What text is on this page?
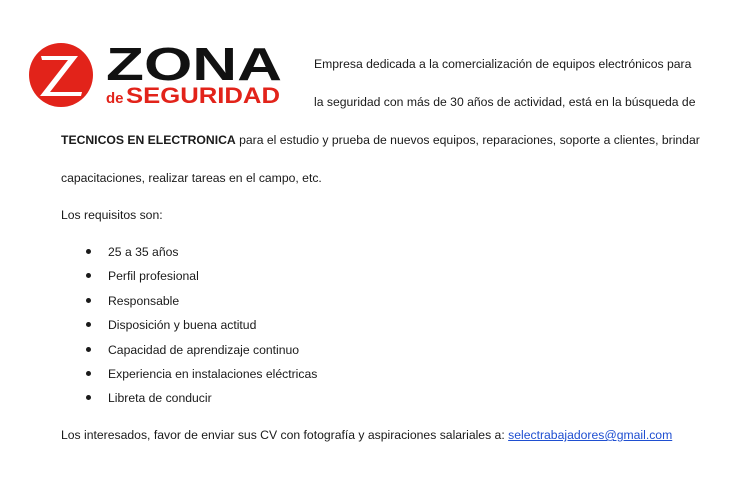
ZONA
de SEGURIDAD
Empresa dedicada a la comercialización de equipos electrónicos para
la seguridad con más de 30 años de actividad, está en la búsqueda de
TECNICOS EN ELECTRONICA para el estudio y prueba de nuevos equipos, reparaciones, soporte a clientes, brindar
capacitaciones, realizar tareas en el campo, etc.
Los requisitos son:
25 a 35 años
Perfil profesional
Responsable
Disposición y buena actitud
Capacidad de aprendizaje continuo
Experiencia en instalaciones eléctricas
Libreta de conducir
Los interesados, favor de enviar sus CV con fotografía y aspiraciones salariales a: selectrabajadores@gmail.com
